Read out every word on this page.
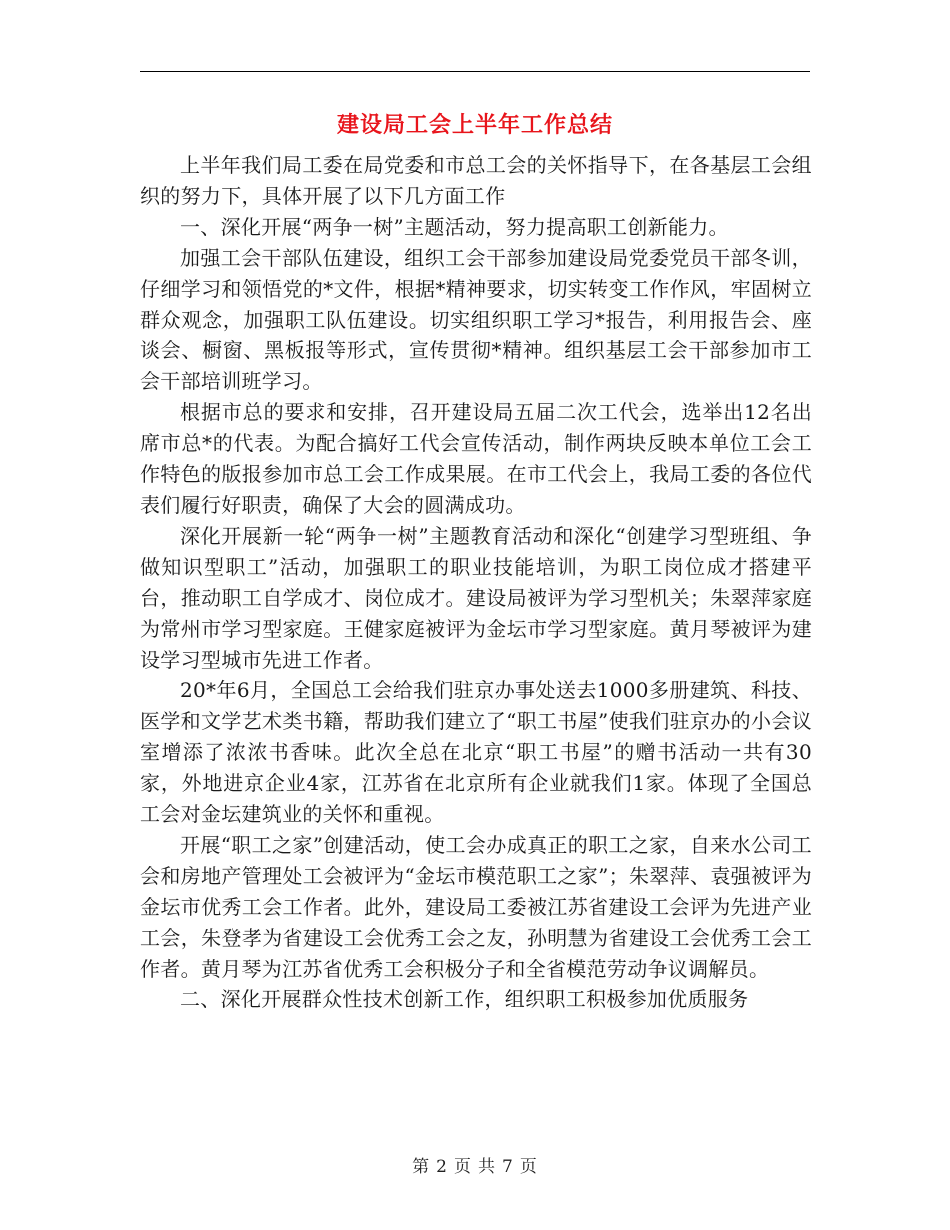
建设局工会上半年工作总结

上半年我们局工委在局党委和市总工会的关怀指导下，在各基层工会组织的努力下，具体开展了以下几方面工作

一、深化开展“两争一树”主题活动，努力提高职工创新能力。

加强工会干部队伍建设，组织工会干部参加建设局党委党员干部冬训，仔细学习和领悟党的*文件，根据*精神要求，切实转变工作作风，牢固树立群众观念，加强职工队伍建设。切实组织职工学习*报告，利用报告会、座谈会、橱窗、黑板报等形式，宣传贯彻*精神。组织基层工会干部参加市工会干部培训班学习。

根据市总的要求和安排，召开建设局五届二次工代会，选举出12名出席市总*的代表。为配合搞好工代会宣传活动，制作两块反映本单位工会工作特色的版报参加市总工会工作成果展。在市工代会上，我局工委的各位代表们履行好职责，确保了大会的圆满成功。

深化开展新一轮“两争一树”主题教育活动和深化“创建学习型班组、争做知识型职工”活动，加强职工的职业技能培训，为职工岗位成才搭建平台，推动职工自学成才、岗位成才。建设局被评为学习型机关；朱翠萍家庭为常州市学习型家庭。王健家庭被评为金坛市学习型家庭。黄月琴被评为建设学习型城市先进工作者。

20*年6月，全国总工会给我们驻京办事处送去1000多册建筑、科技、医学和文学艺术类书籍，帮助我们建立了“职工书屋”使我们驻京办的小会议室增添了浓浓书香味。此次全总在北京“职工书屋”的赠书活动一共有30家，外地进京企业4家，江苏省在北京所有企业就我们1家。体现了全国总工会对金坛建筑业的关怀和重视。

开展“职工之家”创建活动，使工会办成真正的职工之家，自来水公司工会和房地产管理处工会被评为“金坛市模范职工之家”；朱翠萍、袁强被评为金坛市优秀工会工作者。此外，建设局工委被江苏省建设工会评为先进产业工会，朱登孝为省建设工会优秀工会之友，孙明慧为省建设工会优秀工会工作者。黄月琴为江苏省优秀工会积极分子和全省模范劳动争议调解员。

二、深化开展群众性技术创新工作，组织职工积极参加优质服务

第 2 页 共 7 页
